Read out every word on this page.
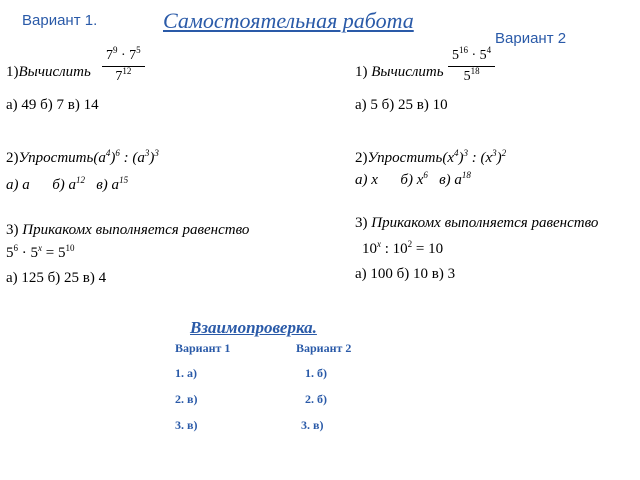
Вариант 1.	Самостоятельная работа
Вариант 2
1)Вычислить $\frac{7^9 \cdot 7^5}{7^{12}}$
а) 49 б) 7 в) 14
$2)Упростить(a^4)^6$ : $(a^3)^3$
а) a б) $a^{12}$ в) $a^{15}$
3) Прикакомх выполняется равенство
$5^6 \cdot 5^x = 5^{10}$
а) 125 б) 25 в) 4
1) Вычислить $\frac{5^{16} \cdot 5^4}{5^{18}}$
а) 5 б) 25 в) 10
$2)Упростить(x^4)^3$ : $(x^3)^2$
а) x б) $x^6$ в) $a^{18}$
3) Прикакомх выполняется равенство
10$^x$ : $10^2 = 10$
а) 100 б) 10 в) 3
Взаимопроверка.
Вариант 1	Вариант 2
1. а)
2. в)
3. в)
1. б)
2. б)
3. в)
